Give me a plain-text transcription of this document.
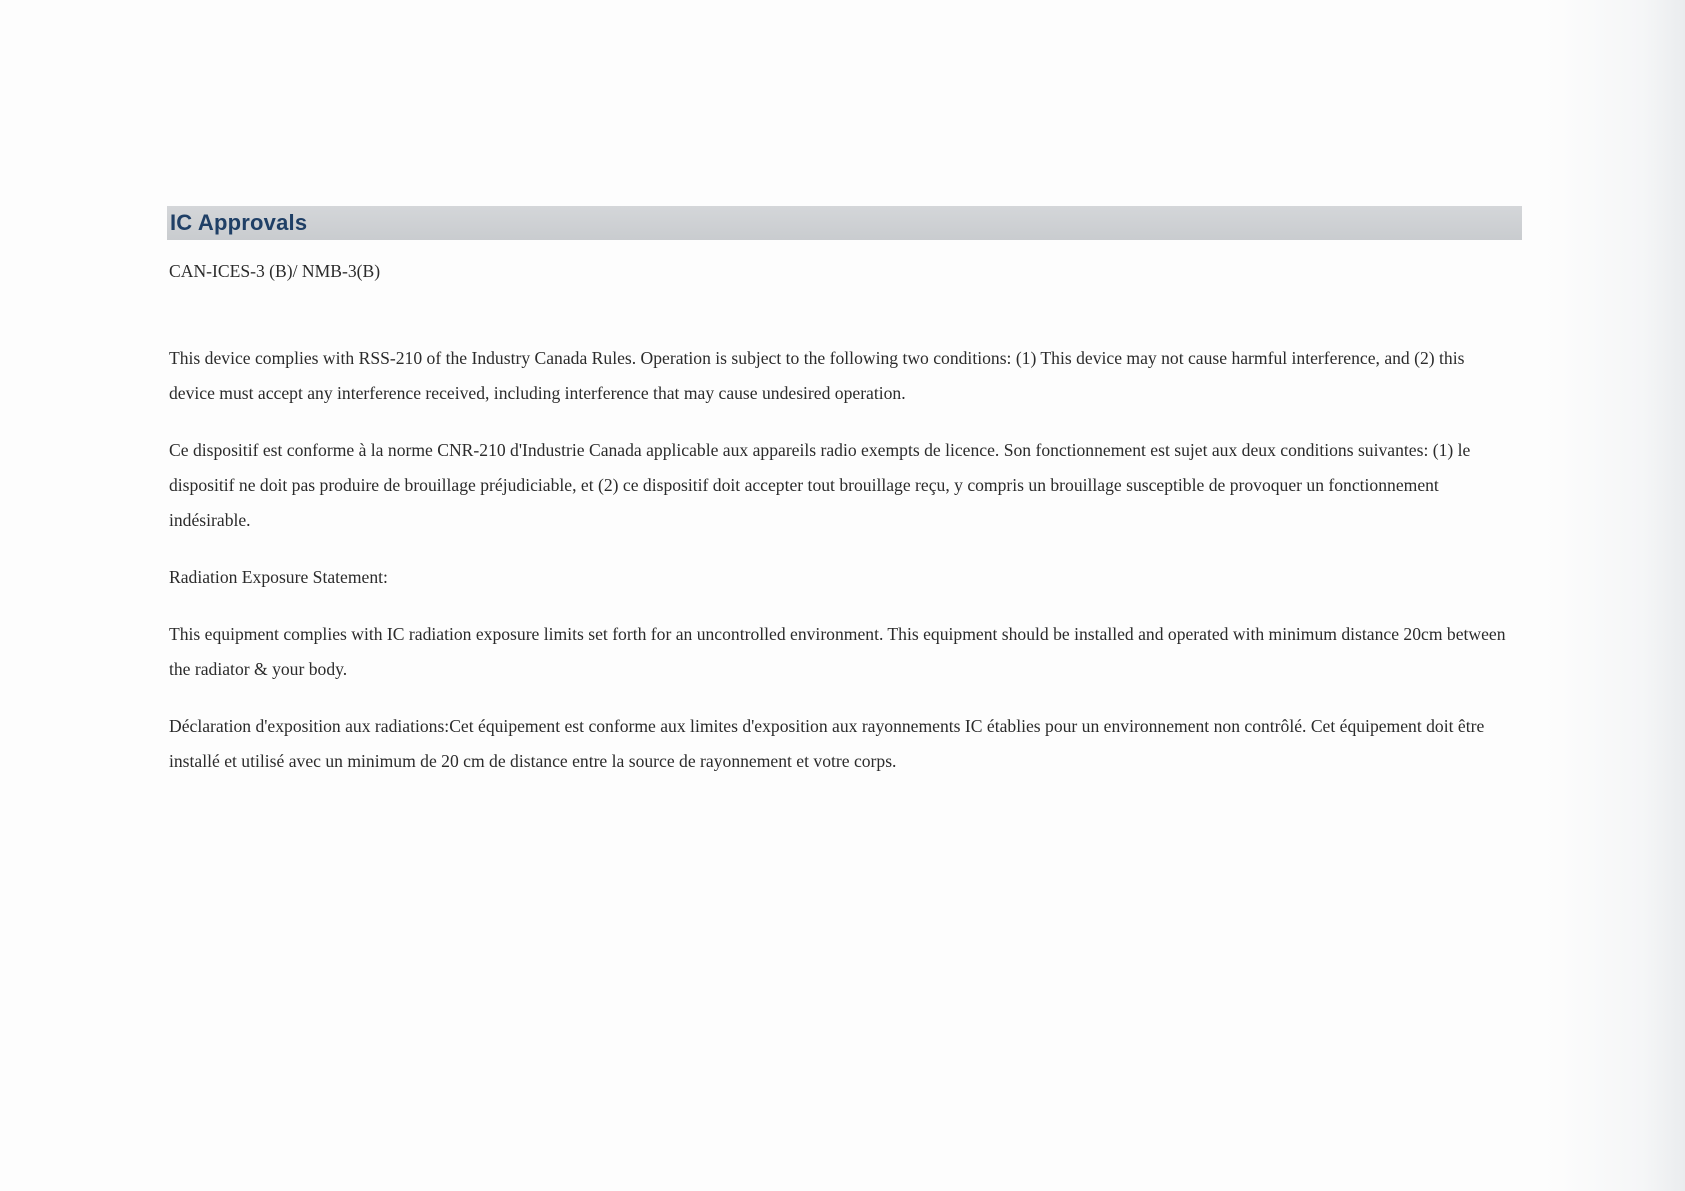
IC Approvals

CAN-ICES-3 (B)/ NMB-3(B)

This device complies with RSS-210 of the Industry Canada Rules. Operation is subject to the following two conditions: (1) This device may not cause harmful interference, and (2) this device must accept any interference received, including interference that may cause undesired operation.

Ce dispositif est conforme à la norme CNR-210 d'Industrie Canada applicable aux appareils radio exempts de licence. Son fonctionnement est sujet aux deux conditions suivantes: (1) le dispositif ne doit pas produire de brouillage préjudiciable, et (2) ce dispositif doit accepter tout brouillage reçu, y compris un brouillage susceptible de provoquer un fonctionnement indésirable.

Radiation Exposure Statement:

This equipment complies with IC radiation exposure limits set forth for an uncontrolled environment. This equipment should be installed and operated with minimum distance 20cm between the radiator & your body.

Déclaration d'exposition aux radiations:Cet équipement est conforme aux limites d'exposition aux rayonnements IC établies pour un environnement non contrôlé. Cet équipement doit être installé et utilisé avec un minimum de 20 cm de distance entre la source de rayonnement et votre corps.
